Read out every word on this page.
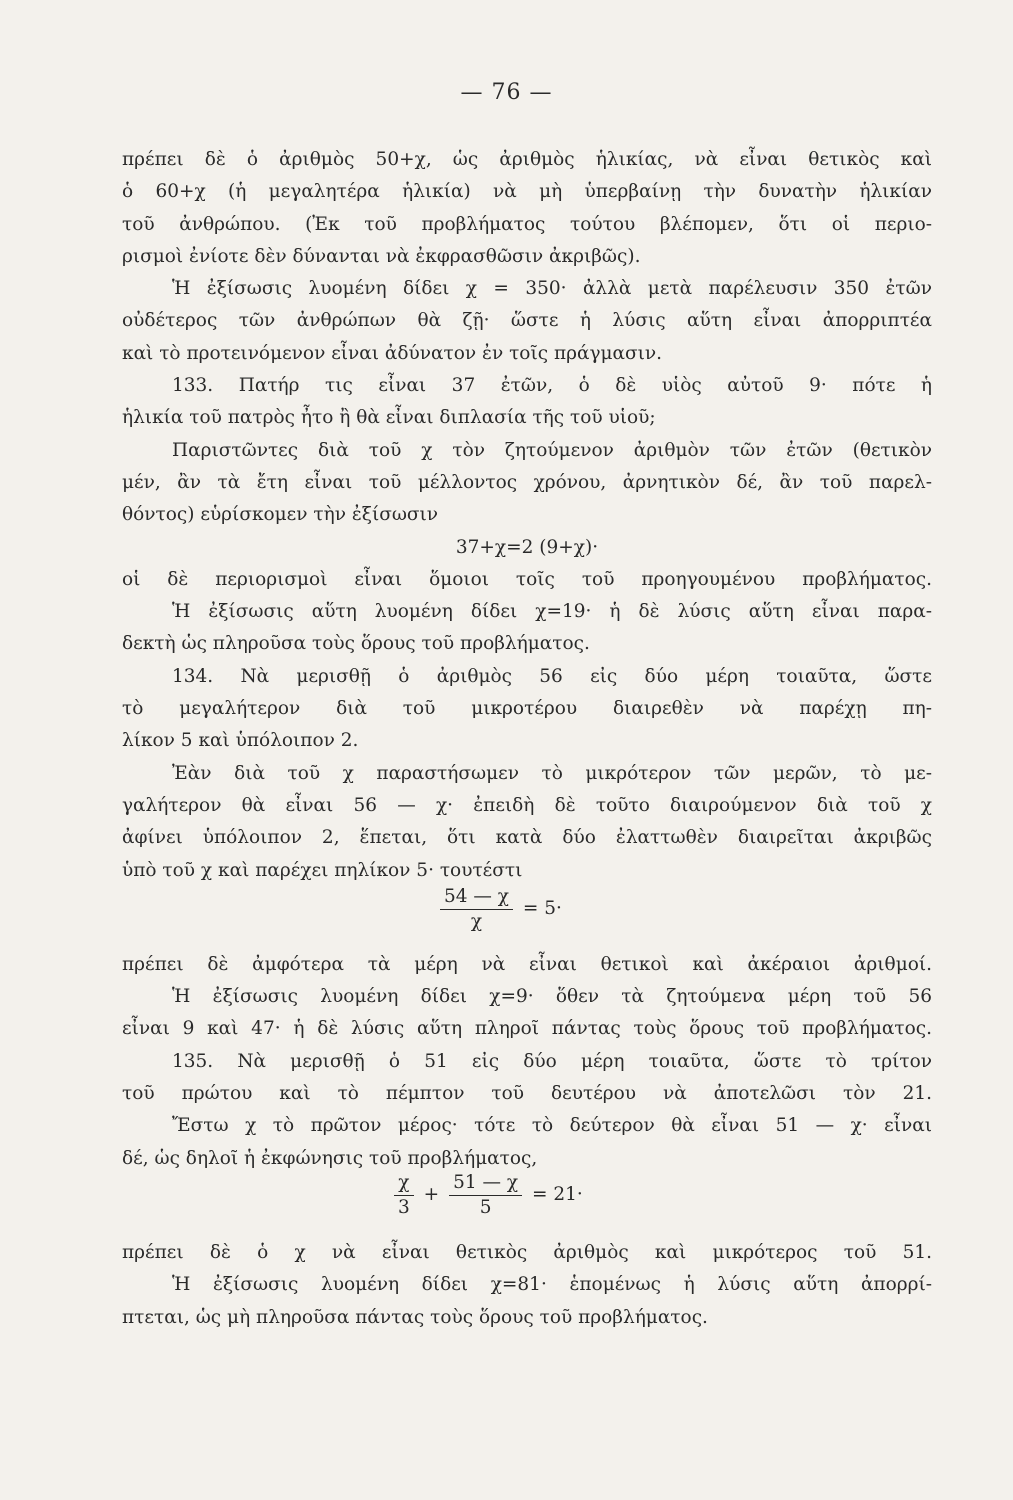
— 76 —
πρέπει δὲ ὁ ἀριθμὸς 50+χ, ὡς ἀριθμὸς ἡλικίας, νὰ εἶναι θετικὸς καὶ
ὁ 60+χ (ἡ μεγαλητέρα ἡλικία) νὰ μὴ ὑπερβαίνῃ τὴν δυνατὴν ἡλικίαν
τοῦ ἀνθρώπου. (Ἐκ τοῦ προβλήματος τούτου βλέπομεν, ὅτι οἱ περιο-
ρισμοὶ ἐνίοτε δὲν δύνανται νὰ ἐκφρασθῶσιν ἀκριβῶς).
Ἡ ἐξίσωσις λυομένη δίδει χ = 350· ἀλλὰ μετὰ παρέλευσιν 350 ἐτῶν
οὐδέτερος τῶν ἀνθρώπων θὰ ζῇ· ὥστε ἡ λύσις αὕτη εἶναι ἀπορριπτέα
καὶ τὸ προτεινόμενον εἶναι ἀδύνατον ἐν τοῖς πράγμασιν.
133. Πατήρ τις εἶναι 37 ἐτῶν, ὁ δὲ υἱὸς αὐτοῦ 9· πότε ἡ
ἡλικία τοῦ πατρὸς ἦτο ἢ θὰ εἶναι διπλασία τῆς τοῦ υἱοῦ;
Παριστῶντες διὰ τοῦ χ τὸν ζητούμενον ἀριθμὸν τῶν ἐτῶν (θετικὸν
μέν, ἂν τὰ ἔτη εἶναι τοῦ μέλλοντος χρόνου, ἀρνητικὸν δέ, ἂν τοῦ παρελ-
θόντος) εὑρίσκομεν τὴν ἐξίσωσιν
37+χ=2 (9+χ)·
οἱ δὲ περιορισμοὶ εἶναι ὅμοιοι τοῖς τοῦ προηγουμένου προβλήματος.
Ἡ ἐξίσωσις αὕτη λυομένη δίδει χ=19· ἡ δὲ λύσις αὕτη εἶναι παρα-
δεκτὴ ὡς πληροῦσα τοὺς ὅρους τοῦ προβλήματος.
134. Νὰ μερισθῇ ὁ ἀριθμὸς 56 εἰς δύο μέρη τοιαῦτα, ὥστε
τὸ μεγαλήτερον διὰ τοῦ μικροτέρου διαιρεθὲν νὰ παρέχῃ πη-
λίκον 5 καὶ ὑπόλοιπον 2.
Ἐὰν διὰ τοῦ χ παραστήσωμεν τὸ μικρότερον τῶν μερῶν, τὸ με-
γαλήτερον θὰ εἶναι 56 — χ· ἐπειδὴ δὲ τοῦτο διαιρούμενον διὰ τοῦ χ
ἀφίνει ὑπόλοιπον 2, ἕπεται, ὅτι κατὰ δύο ἐλαττωθὲν διαιρεῖται ἀκριβῶς
ὑπὸ τοῦ χ καὶ παρέχει πηλίκον 5· τουτέστι
$\frac{54 — \chi}{\chi} = 5\cdot$
πρέπει δὲ ἀμφότερα τὰ μέρη νὰ εἶναι θετικοὶ καὶ ἀκέραιοι ἀριθμοί.
Ἡ ἐξίσωσις λυομένη δίδει χ=9· ὅθεν τὰ ζητούμενα μέρη τοῦ 56
εἶναι 9 καὶ 47· ἡ δὲ λύσις αὕτη πληροῖ πάντας τοὺς ὅρους τοῦ προβλήματος.
135. Νὰ μερισθῇ ὁ 51 εἰς δύο μέρη τοιαῦτα, ὥστε τὸ τρίτον
τοῦ πρώτου καὶ τὸ πέμπτον τοῦ δευτέρου νὰ ἀποτελῶσι τὸν 21.
Ἔστω χ τὸ πρῶτον μέρος· τότε τὸ δεύτερον θὰ εἶναι 51 — χ· εἶναι
δέ, ὡς δηλοῖ ἡ ἐκφώνησις τοῦ προβλήματος,
$\frac{\chi}{3} + \frac{51 — \chi}{5} = 21\cdot$
πρέπει δὲ ὁ χ νὰ εἶναι θετικὸς ἀριθμὸς καὶ μικρότερος τοῦ 51.
Ἡ ἐξίσωσις λυομένη δίδει χ=81· ἑπομένως ἡ λύσις αὕτη ἀπορρί-
πτεται, ὡς μὴ πληροῦσα πάντας τοὺς ὅρους τοῦ προβλήματος.
